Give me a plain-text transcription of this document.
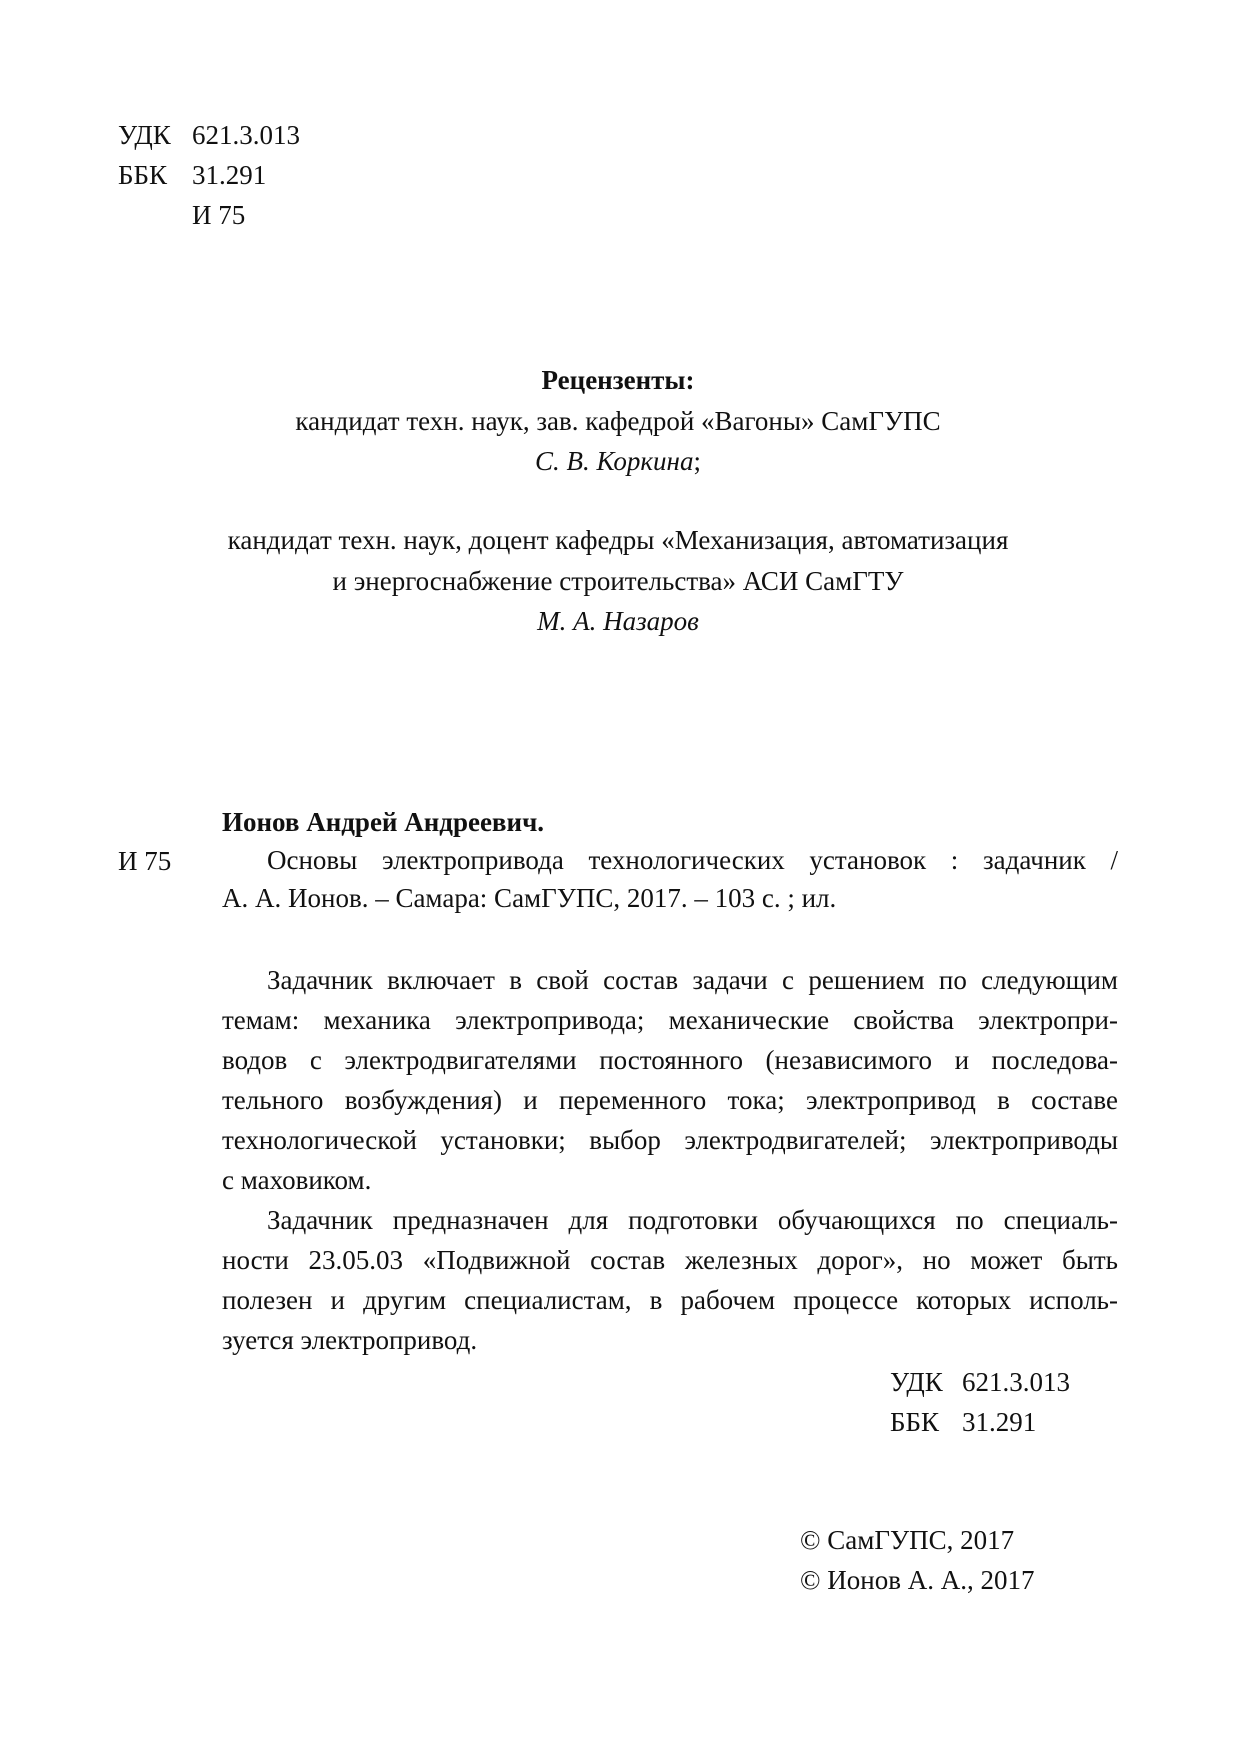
УДК 621.3.013
ББК 31.291
И 75
Рецензенты:
кандидат техн. наук, зав. кафедрой «Вагоны» СамГУПС
С. В. Коркина;
кандидат техн. наук, доцент кафедры «Механизация, автоматизация
и энергоснабжение строительства» АСИ СамГТУ
М. А. Назаров
Ионов Андрей Андреевич.
И 75	Основы электропривода технологических установок : задачник /
А. А. Ионов. – Самара: СамГУПС, 2017. – 103 с. ; ил.
Задачник включает в свой состав задачи с решением по следующим
темам: механика электропривода; механические свойства электропри-
водов с электродвигателями постоянного (независимого и последова-
тельного возбуждения) и переменного тока; электропривод в составе
технологической установки; выбор электродвигателей; электроприводы
с маховиком.
Задачник предназначен для подготовки обучающихся по специаль-
ности 23.05.03 «Подвижной состав железных дорог», но может быть
полезен и другим специалистам, в рабочем процессе которых исполь-
зуется электропривод.
УДК 621.3.013
ББК 31.291
© СамГУПС, 2017
© Ионов А. А., 2017
